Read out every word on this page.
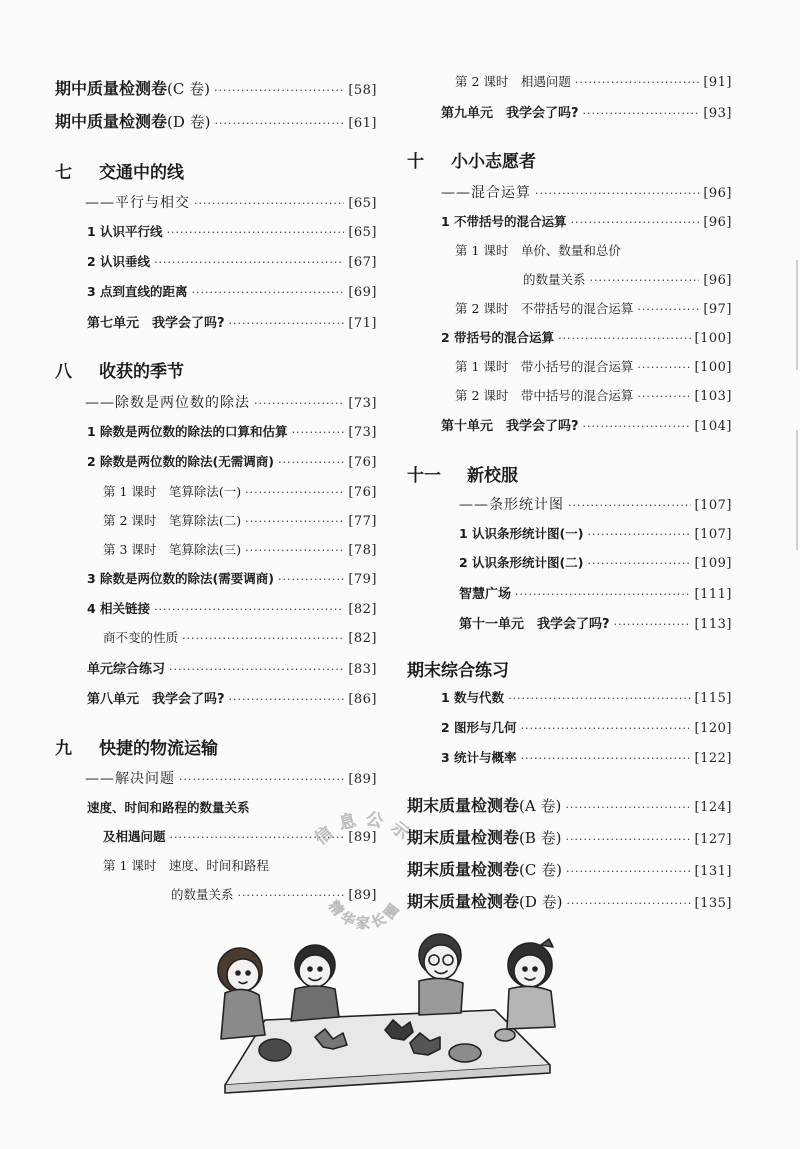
期中质量检测卷(C 卷) ·····	[58]
期中质量检测卷(D 卷) ·····	[61]
七 交通中的线
——平行与相交 ·····	[65]
1 认识平行线 ·····	[65]
2 认识垂线 ·····	[67]
3 点到直线的距离 ·····	[69]
第七单元　我学会了吗? ·····	[71]
八 收获的季节
——除数是两位数的除法 ·····	[73]
1 除数是两位数的除法的口算和估算 ·····	[73]
2 除数是两位数的除法(无需调商) ·····	[76]
第 1 课时　笔算除法(一) ·····	[76]
第 2 课时　笔算除法(二) ·····	[77]
第 3 课时　笔算除法(三) ·····	[78]
3 除数是两位数的除法(需要调商) ·····	[79]
4 相关链接 ·····	[82]
商不变的性质 ·····	[82]
单元综合练习 ·····	[83]
第八单元　我学会了吗? ·····	[86]
九 快捷的物流运输
——解决问题 ·····	[89]
速度、时间和路程的数量关系
及相遇问题 ·····	[89]
第 1 课时　速度、时间和路程
的数量关系 ·····	[89]
第 2 课时　相遇问题 ·····	[91]
第九单元　我学会了吗? ·····	[93]
十 小小志愿者
——混合运算 ·····	[96]
1 不带括号的混合运算 ·····	[96]
第 1 课时　单价、数量和总价
的数量关系 ·····	[96]
第 2 课时　不带括号的混合运算 ·····	[97]
2 带括号的混合运算 ·····	[100]
第 1 课时　带小括号的混合运算 ·····	[100]
第 2 课时　带中括号的混合运算 ·····	[103]
第十单元　我学会了吗? ·····	[104]
十一 新校服
——条形统计图 ·····	[107]
1 认识条形统计图(一) ·····	[107]
2 认识条形统计图(二) ·····	[109]
智慧广场 ·····	[111]
第十一单元　我学会了吗? ·····	[113]
期末综合练习
1 数与代数 ·····	[115]
2 图形与几何 ·····	[120]
3 统计与概率 ·····	[122]
期末质量检测卷(A 卷) ·····	[124]
期末质量检测卷(B 卷) ·····	[127]
期末质量检测卷(C 卷) ·····	[131]
期末质量检测卷(D 卷) ·····	[135]
信息公示
精华家长圈
